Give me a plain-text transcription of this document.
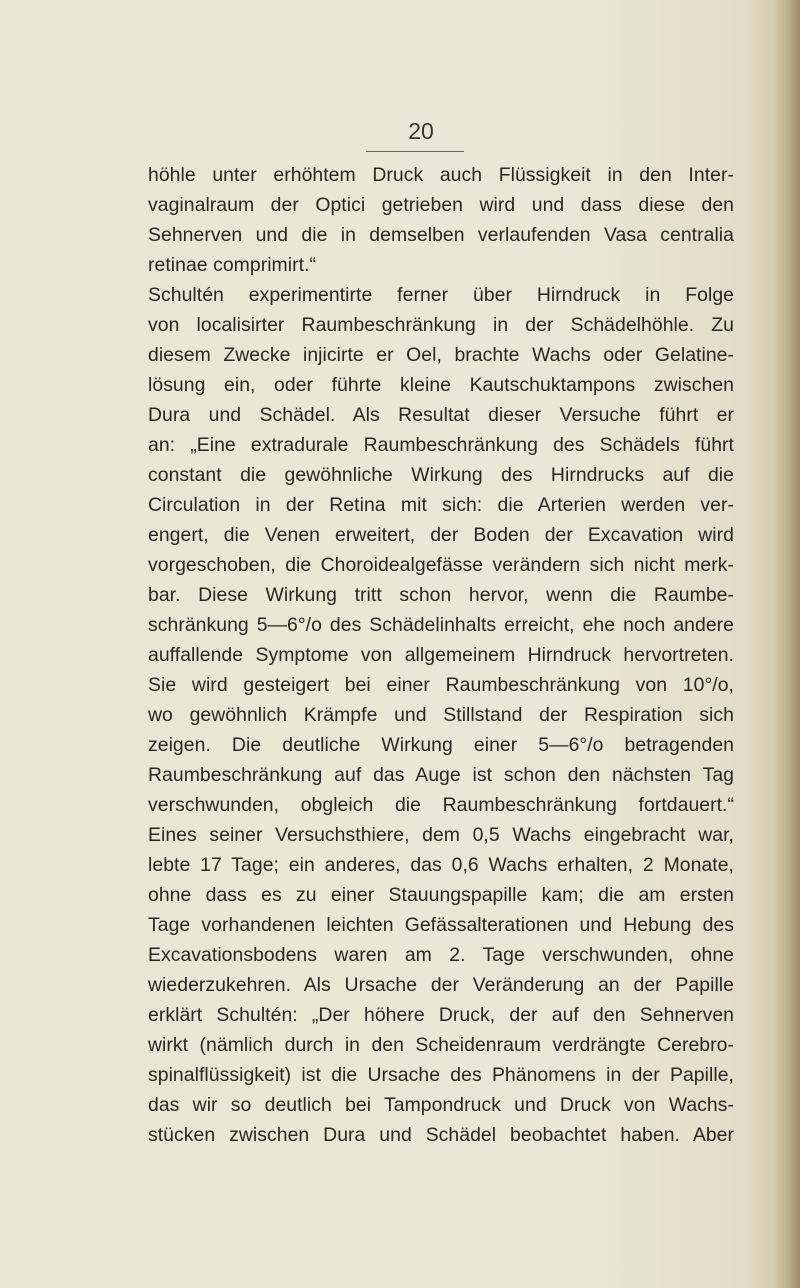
20
höhle unter erhöhtem Druck auch Flüssigkeit in den Inter-
vaginalraum der Optici getrieben wird und dass diese den
Sehnerven und die in demselben verlaufenden Vasa centralia
retinae comprimirt.“
Schultén experimentirte ferner über Hirndruck in Folge
von localisirter Raumbeschränkung in der Schädelhöhle. Zu
diesem Zwecke injicirte er Oel, brachte Wachs oder Gelatine-
lösung ein, oder führte kleine Kautschuktampons zwischen
Dura und Schädel. Als Resultat dieser Versuche führt er
an: „Eine extradurale Raumbeschränkung des Schädels führt
constant die gewöhnliche Wirkung des Hirndrucks auf die
Circulation in der Retina mit sich: die Arterien werden ver-
engert, die Venen erweitert, der Boden der Excavation wird
vorgeschoben, die Choroidealgefässe verändern sich nicht merk-
bar. Diese Wirkung tritt schon hervor, wenn die Raumbe-
schränkung 5—6°/o des Schädelinhalts erreicht, ehe noch andere
auffallende Symptome von allgemeinem Hirndruck hervortreten.
Sie wird gesteigert bei einer Raumbeschränkung von 10°/o,
wo gewöhnlich Krämpfe und Stillstand der Respiration sich
zeigen. Die deutliche Wirkung einer 5—6°/o betragenden
Raumbeschränkung auf das Auge ist schon den nächsten Tag
verschwunden, obgleich die Raumbeschränkung fortdauert.“
Eines seiner Versuchsthiere, dem 0,5 Wachs eingebracht war,
lebte 17 Tage; ein anderes, das 0,6 Wachs erhalten, 2 Monate,
ohne dass es zu einer Stauungspapille kam; die am ersten
Tage vorhandenen leichten Gefässalterationen und Hebung des
Excavationsbodens waren am 2. Tage verschwunden, ohne
wiederzukehren. Als Ursache der Veränderung an der Papille
erklärt Schultén: „Der höhere Druck, der auf den Sehnerven
wirkt (nämlich durch in den Scheidenraum verdrängte Cerebro-
spinalflüssigkeit) ist die Ursache des Phänomens in der Papille,
das wir so deutlich bei Tampondruck und Druck von Wachs-
stücken zwischen Dura und Schädel beobachtet haben. Aber
